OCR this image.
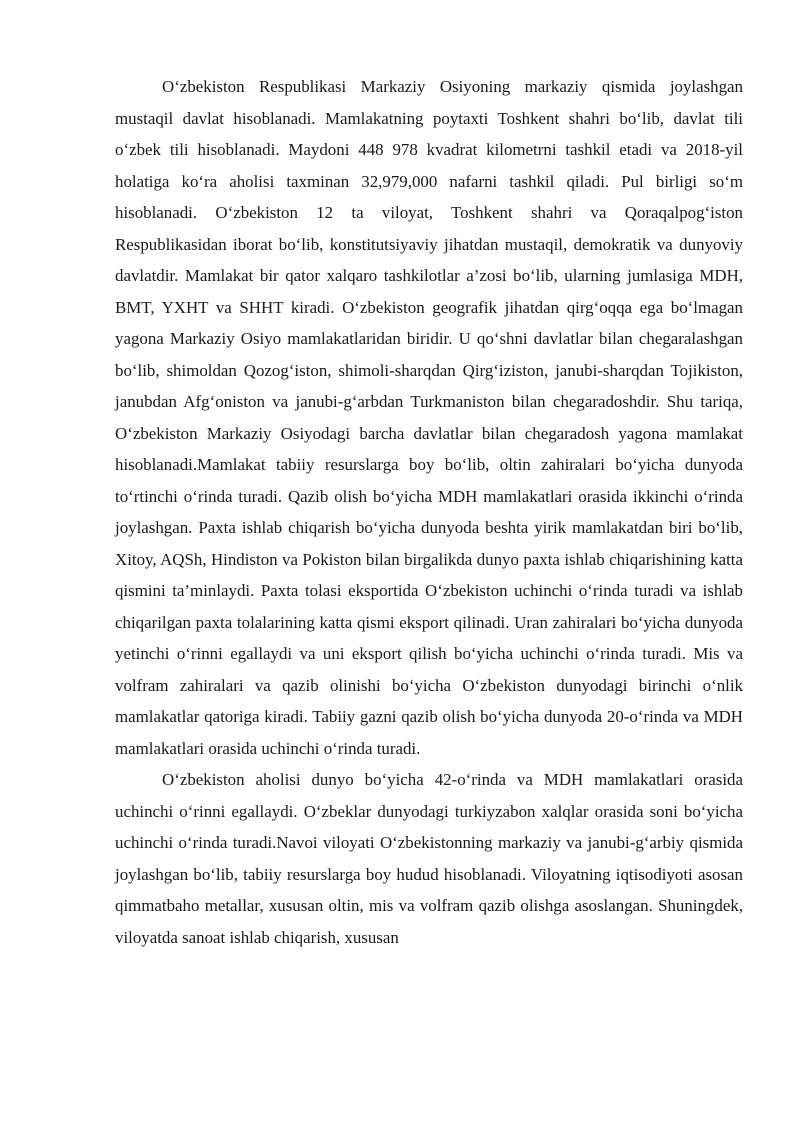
O‘zbekiston Respublikasi Markaziy Osiyoning markaziy qismida joylashgan mustaqil davlat hisoblanadi. Mamlakatning poytaxti Toshkent shahri bo‘lib, davlat tili o‘zbek tili hisoblanadi. Maydoni 448 978 kvadrat kilometrni tashkil etadi va 2018-yil holatiga ko‘ra aholisi taxminan 32,979,000 nafarni tashkil qiladi. Pul birligi so‘m hisoblanadi. O‘zbekiston 12 ta viloyat, Toshkent shahri va Qoraqalpog‘iston Respublikasidan iborat bo‘lib, konstitutsiyaviy jihatdan mustaqil, demokratik va dunyoviy davlatdir. Mamlakat bir qator xalqaro tashkilotlar a’zosi bo‘lib, ularning jumlasiga MDH, BMT, YXHT va SHHT kiradi. O‘zbekiston geografik jihatdan qirg‘oqqa ega bo‘lmagan yagona Markaziy Osiyo mamlakatlaridan biridir. U qo‘shni davlatlar bilan chegaralashgan bo‘lib, shimoldan Qozog‘iston, shimoli-sharqdan Qirg‘iziston, janubi-sharqdan Tojikiston, janubdan Afg‘oniston va janubi-g‘arbdan Turkmaniston bilan chegaradoshdir. Shu tariqa, O‘zbekiston Markaziy Osiyodagi barcha davlatlar bilan chegaradosh yagona mamlakat hisoblanadi.Mamlakat tabiiy resurslarga boy bo‘lib, oltin zahiralari bo‘yicha dunyoda to‘rtinchi o‘rinda turadi. Qazib olish bo‘yicha MDH mamlakatlari orasida ikkinchi o‘rinda joylashgan. Paxta ishlab chiqarish bo‘yicha dunyoda beshta yirik mamlakatdan biri bo‘lib, Xitoy, AQSh, Hindiston va Pokiston bilan birgalikda dunyo paxta ishlab chiqarishining katta qismini ta’minlaydi. Paxta tolasi eksportida O‘zbekiston uchinchi o‘rinda turadi va ishlab chiqarilgan paxta tolalarining katta qismi eksport qilinadi. Uran zahiralari bo‘yicha dunyoda yetinchi o‘rinni egallaydi va uni eksport qilish bo‘yicha uchinchi o‘rinda turadi. Mis va volfram zahiralari va qazib olinishi bo‘yicha O‘zbekiston dunyodagi birinchi o‘nlik mamlakatlar qatoriga kiradi. Tabiiy gazni qazib olish bo‘yicha dunyoda 20-o‘rinda va MDH mamlakatlari orasida uchinchi o‘rinda turadi.

O‘zbekiston aholisi dunyo bo‘yicha 42-o‘rinda va MDH mamlakatlari orasida uchinchi o‘rinni egallaydi. O‘zbeklar dunyodagi turkiyzabon xalqlar orasida soni bo‘yicha uchinchi o‘rinda turadi.Navoi viloyati O‘zbekistonning markaziy va janubi-g‘arbiy qismida joylashgan bo‘lib, tabiiy resurslarga boy hudud hisoblanadi. Viloyatning iqtisodiyoti asosan qimmatbaho metallar, xususan oltin, mis va volfram qazib olishga asoslangan. Shuningdek, viloyatda sanoat ishlab chiqarish, xususan
